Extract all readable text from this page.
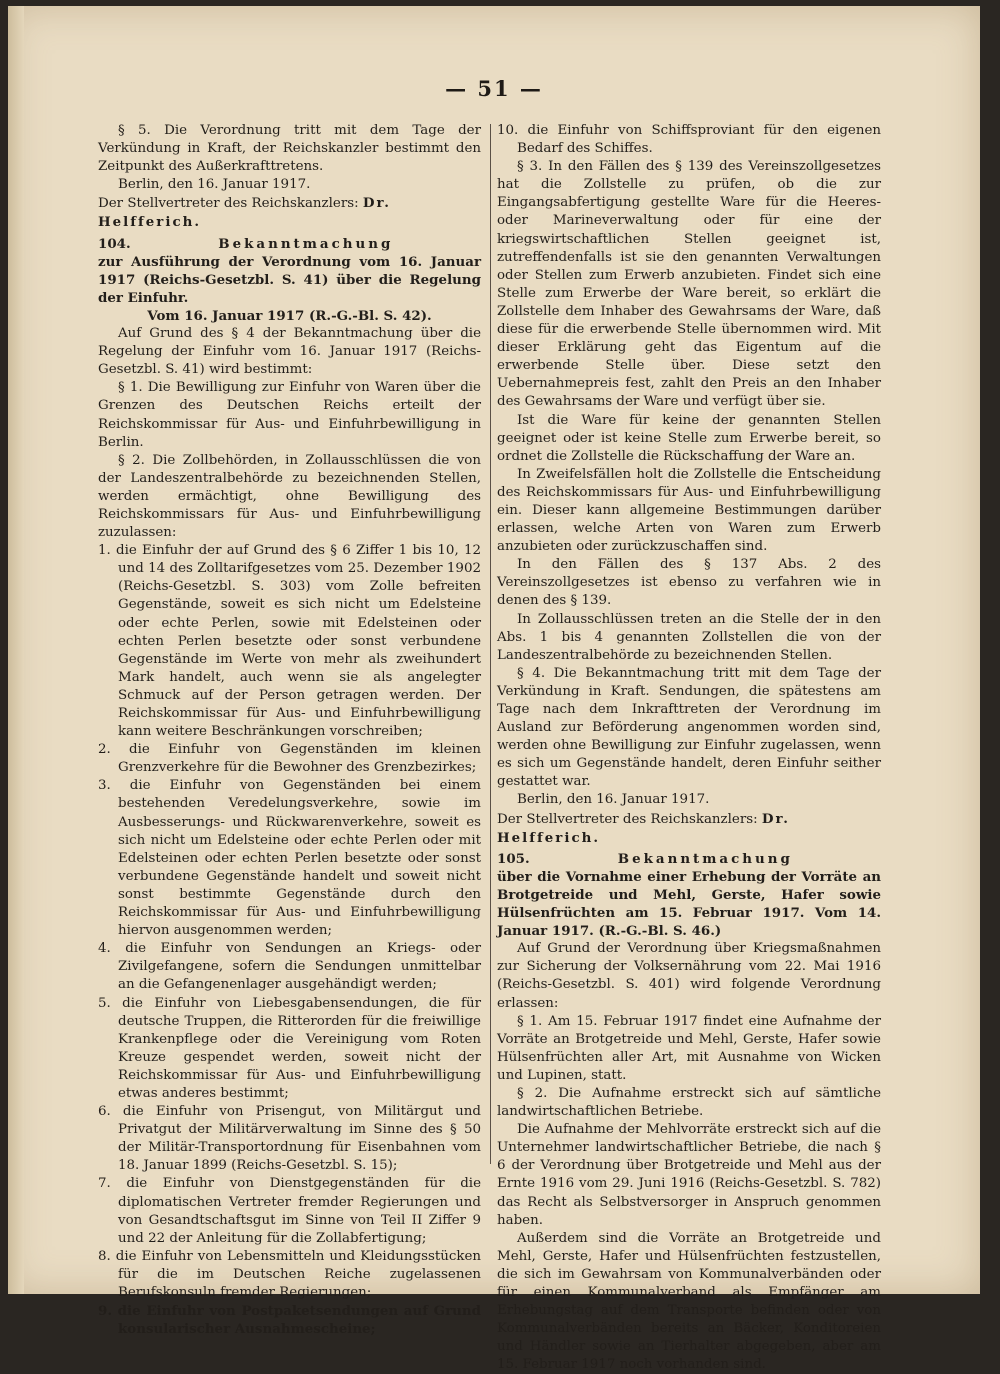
— 51 —

§ 5. Die Verordnung tritt mit dem Tage der Verkündung in Kraft, der Reichskanzler bestimmt den Zeitpunkt des Außerkrafttretens.

Berlin, den 16. Januar 1917.

Der Stellvertreter des Reichskanzlers: Dr. Helfferich.

104.	Bekanntmachung

zur Ausführung der Verordnung vom 16. Januar 1917 (Reichs-Gesetzbl. S. 41) über die Regelung der Einfuhr.

Vom 16. Januar 1917 (R.-G.-Bl. S. 42).

Auf Grund des § 4 der Bekanntmachung über die Regelung der Einfuhr vom 16. Januar 1917 (Reichs-Gesetzbl. S. 41) wird bestimmt:

§ 1. Die Bewilligung zur Einfuhr von Waren über die Grenzen des Deutschen Reichs erteilt der Reichskommissar für Aus- und Einfuhrbewilligung in Berlin.

§ 2. Die Zollbehörden, in Zollausschlüssen die von der Landeszentralbehörde zu bezeichnenden Stellen, werden ermächtigt, ohne Bewilligung des Reichskommissars für Aus- und Einfuhrbewilligung zuzulassen:

1. die Einfuhr der auf Grund des § 6 Ziffer 1 bis 10, 12 und 14 des Zolltarifgesetzes vom 25. Dezember 1902 (Reichs-Gesetzbl. S. 303) vom Zolle befreiten Gegenstände, soweit es sich nicht um Edelsteine oder echte Perlen, sowie mit Edelsteinen oder echten Perlen besetzte oder sonst verbundene Gegenstände im Werte von mehr als zweihundert Mark handelt, auch wenn sie als angelegter Schmuck auf der Person getragen werden. Der Reichskommissar für Aus- und Einfuhrbewilligung kann weitere Beschränkungen vorschreiben;

2. die Einfuhr von Gegenständen im kleinen Grenzverkehre für die Bewohner des Grenzbezirkes;

3. die Einfuhr von Gegenständen bei einem bestehenden Veredelungsverkehre, sowie im Ausbesserungs- und Rückwarenverkehre, soweit es sich nicht um Edelsteine oder echte Perlen oder mit Edelsteinen oder echten Perlen besetzte oder sonst verbundene Gegenstände handelt und soweit nicht sonst bestimmte Gegenstände durch den Reichskommissar für Aus- und Einfuhrbewilligung hiervon ausgenommen werden;

4. die Einfuhr von Sendungen an Kriegs- oder Zivilgefangene, sofern die Sendungen unmittelbar an die Gefangenenlager ausgehändigt werden;

5. die Einfuhr von Liebesgabensendungen, die für deutsche Truppen, die Ritterorden für die freiwillige Krankenpflege oder die Vereinigung vom Roten Kreuze gespendet werden, soweit nicht der Reichskommissar für Aus- und Einfuhrbewilligung etwas anderes bestimmt;

6. die Einfuhr von Prisengut, von Militärgut und Privatgut der Militärverwaltung im Sinne des § 50 der Militär-Transportordnung für Eisenbahnen vom 18. Januar 1899 (Reichs-Gesetzbl. S. 15);

7. die Einfuhr von Dienstgegenständen für die diplomatischen Vertreter fremder Regierungen und von Gesandtschaftsgut im Sinne von Teil II Ziffer 9 und 22 der Anleitung für die Zollabfertigung;

8. die Einfuhr von Lebensmitteln und Kleidungsstücken für die im Deutschen Reiche zugelassenen Berufskonsuln fremder Regierungen;

9. die Einfuhr von Postpaketsendungen auf Grund konsularischer Ausnahmescheine;

10. die Einfuhr von Schiffsproviant für den eigenen Bedarf des Schiffes.

§ 3. In den Fällen des § 139 des Vereinszollgesetzes hat die Zollstelle zu prüfen, ob die zur Eingangsabfertigung gestellte Ware für die Heeres- oder Marineverwaltung oder für eine der kriegswirtschaftlichen Stellen geeignet ist, zutreffendenfalls ist sie den genannten Verwaltungen oder Stellen zum Erwerb anzubieten. Findet sich eine Stelle zum Erwerbe der Ware bereit, so erklärt die Zollstelle dem Inhaber des Gewahrsams der Ware, daß diese für die erwerbende Stelle übernommen wird. Mit dieser Erklärung geht das Eigentum auf die erwerbende Stelle über. Diese setzt den Uebernahmepreis fest, zahlt den Preis an den Inhaber des Gewahrsams der Ware und verfügt über sie.

Ist die Ware für keine der genannten Stellen geeignet oder ist keine Stelle zum Erwerbe bereit, so ordnet die Zollstelle die Rückschaffung der Ware an.

In Zweifelsfällen holt die Zollstelle die Entscheidung des Reichskommissars für Aus- und Einfuhrbewilligung ein. Dieser kann allgemeine Bestimmungen darüber erlassen, welche Arten von Waren zum Erwerb anzubieten oder zurückzuschaffen sind.

In den Fällen des § 137 Abs. 2 des Vereinszollgesetzes ist ebenso zu verfahren wie in denen des § 139.

In Zollausschlüssen treten an die Stelle der in den Abs. 1 bis 4 genannten Zollstellen die von der Landeszentralbehörde zu bezeichnenden Stellen.

§ 4. Die Bekanntmachung tritt mit dem Tage der Verkündung in Kraft. Sendungen, die spätestens am Tage nach dem Inkrafttreten der Verordnung im Ausland zur Beförderung angenommen worden sind, werden ohne Bewilligung zur Einfuhr zugelassen, wenn es sich um Gegenstände handelt, deren Einfuhr seither gestattet war.

Berlin, den 16. Januar 1917.

Der Stellvertreter des Reichskanzlers: Dr. Helfferich.

105.	Bekanntmachung

über die Vornahme einer Erhebung der Vorräte an Brotgetreide und Mehl, Gerste, Hafer sowie Hülsenfrüchten am 15. Februar 1917. Vom 14. Januar 1917. (R.-G.-Bl. S. 46.)

Auf Grund der Verordnung über Kriegsmaßnahmen zur Sicherung der Volksernährung vom 22. Mai 1916 (Reichs-Gesetzbl. S. 401) wird folgende Verordnung erlassen:

§ 1. Am 15. Februar 1917 findet eine Aufnahme der Vorräte an Brotgetreide und Mehl, Gerste, Hafer sowie Hülsenfrüchten aller Art, mit Ausnahme von Wicken und Lupinen, statt.

§ 2. Die Aufnahme erstreckt sich auf sämtliche landwirtschaftlichen Betriebe.

Die Aufnahme der Mehlvorräte erstreckt sich auf die Unternehmer landwirtschaftlicher Betriebe, die nach § 6 der Verordnung über Brotgetreide und Mehl aus der Ernte 1916 vom 29. Juni 1916 (Reichs-Gesetzbl. S. 782) das Recht als Selbstversorger in Anspruch genommen haben.

Außerdem sind die Vorräte an Brotgetreide und Mehl, Gerste, Hafer und Hülsenfrüchten festzustellen, die sich im Gewahrsam von Kommunalverbänden oder für einen Kommunalverband als Empfänger am Erhebungstag auf dem Transporte befinden oder von Kommunalverbänden bereits an Bäcker, Konditoreien und Händler sowie an Tierhalter abgegeben, aber am 15. Februar 1917 noch vorhanden sind.
